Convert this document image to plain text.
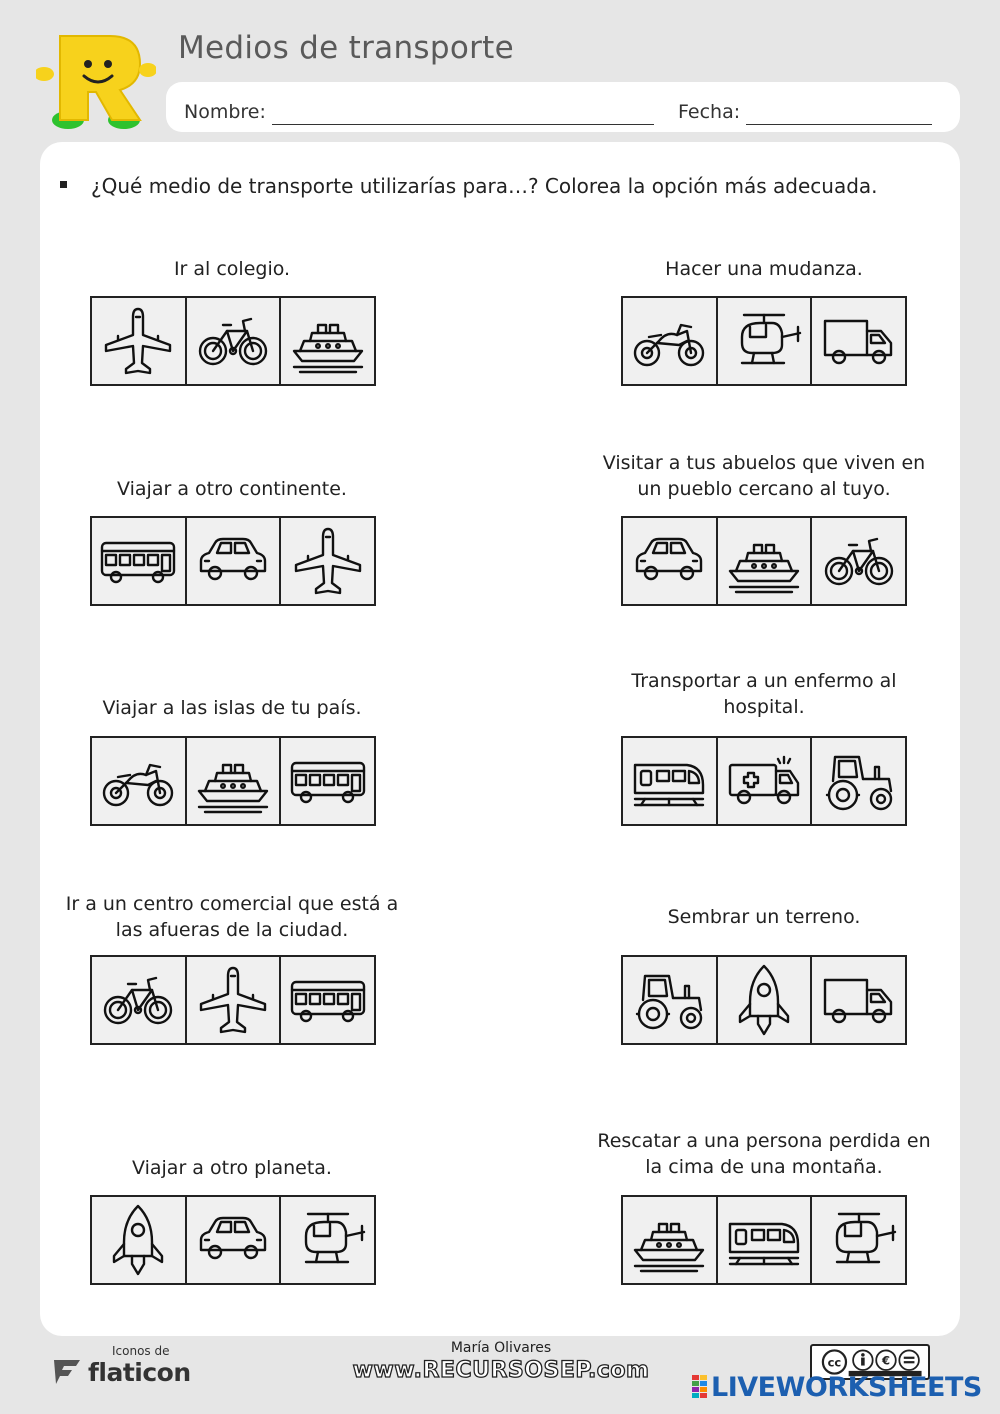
Medios de transporte
Nombre:	Fecha:
¿Qué medio de transporte utilizarías para…? Colorea la opción más adecuada.
Ir al colegio.	Hacer una mudanza.
Viajar a otro continente.
Visitar a tus abuelos que viven en un pueblo cercano al tuyo.
Viajar a las islas de tu país.
Transportar a un enfermo al hospital.
Ir a un centro comercial que está a las afueras de la ciudad.
Sembrar un terreno.
Viajar a otro planeta.
Rescatar a una persona perdida en la cima de una montaña.
Iconos de
flaticon
María Olivares
www.RECURSOSEP.com	cc	€
LIVEWORKSHEETS
